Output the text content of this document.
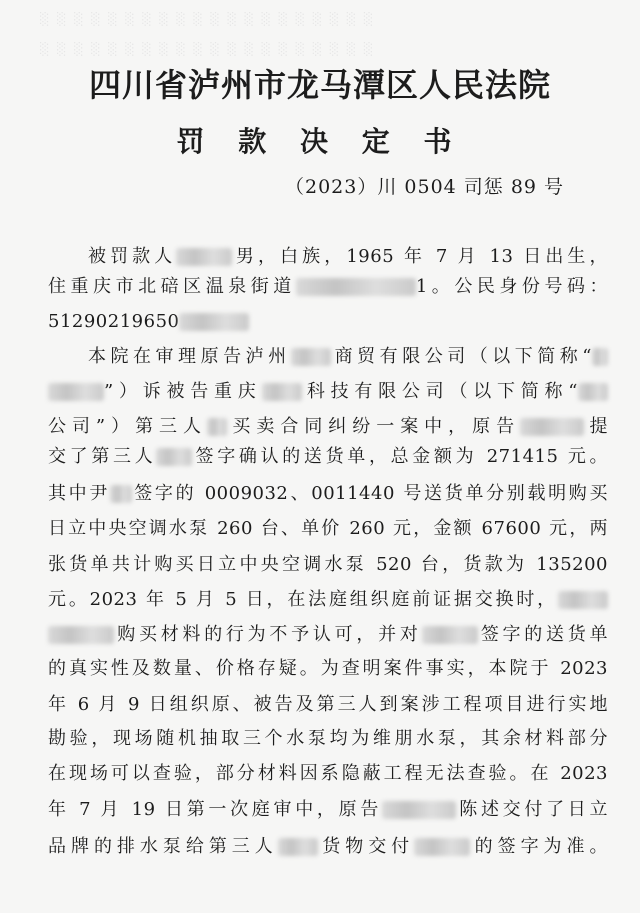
░ ░ ░ ░ ░ ░ ░ ░ ░ ░ ░ ░ ░ ░ ░ ░ ░ ░ ░ ░
░ ░ ░ ░ ░ ░ ░ ░ ░ ░ ░ ░ ░ ░ ░ ░ ░ ░ ░ ░
四川省泸州市龙马潭区人民法院
罚 款 决 定 书
（2023）川 0504 司惩 89 号
被罚款人	男，白族，1965 年 7 月 13 日出生，
住重庆市北碚区温泉街道	1。公民身份号码：
51290219650
本院在审理原告泸州 商贸有限公司（以下简称“
”）诉被告重庆 科技有限公司（以下简称“
公司”）第三人 买卖合同纠纷一案中，原告	提
交了第三人 签字确认的送货单，总金额为 271415 元。
其中尹 签字的 0009032、0011440 号送货单分别载明购买
日立中央空调水泵 260 台、单价 260 元，金额 67600 元，两
张货单共计购买日立中央空调水泵 520 台，货款为 135200
元。2023 年 5 月 5 日，在法庭组织庭前证据交换时，
购买材料的行为不予认可，并对	签字的送货单
的真实性及数量、价格存疑。为查明案件事实，本院于 2023
年 6 月 9 日组织原、被告及第三人到案涉工程项目进行实地
勘验，现场随机抽取三个水泵均为维朋水泵，其余材料部分
在现场可以查验，部分材料因系隐蔽工程无法查验。在 2023
年 7 月 19 日第一次庭审中，原告	陈述交付了日立
品牌的排水泵给第三人 货物交付	的签字为准。
